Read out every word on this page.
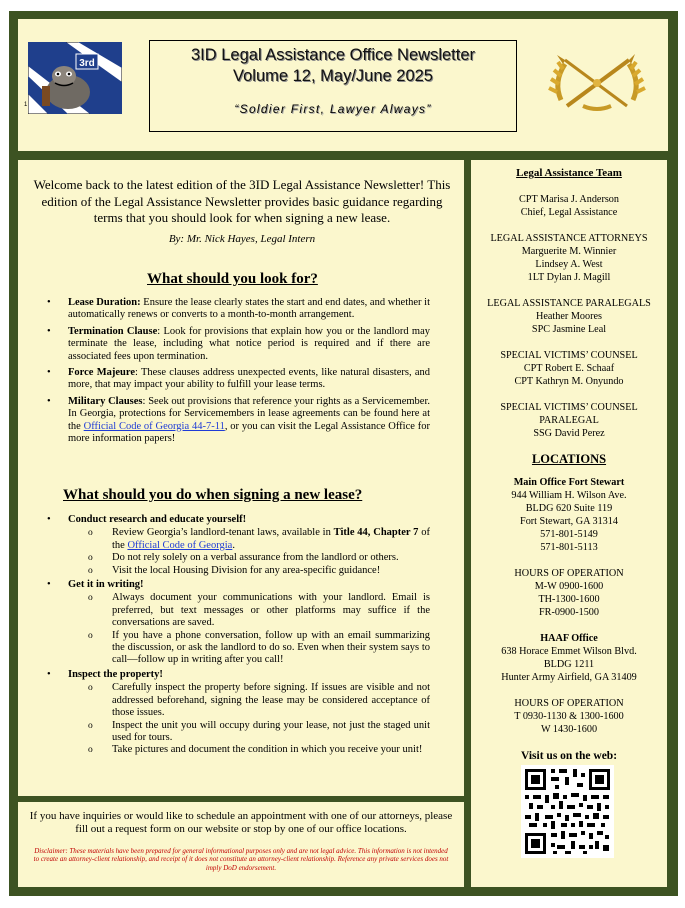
3rd
1
3ID Legal Assistance Office Newsletter
Volume 12, May/June 2025
“Soldier First, Lawyer Always”
Welcome back to the latest edition of the 3ID Legal Assistance Newsletter! This edition of the Legal Assistance Newsletter provides basic guidance regarding terms that you should look for when signing a new lease.
By: Mr. Nick Hayes, Legal Intern
What should you look for?
• Lease Duration: Ensure the lease clearly states the start and end dates, and whether it automatically renews or converts to a month-to-month arrangement.
• Termination Clause: Look for provisions that explain how you or the landlord may terminate the lease, including what notice period is required and if there are associated fees upon termination.
• Force Majeure: These clauses address unexpected events, like natural disasters, and more, that may impact your ability to fulfill your lease terms.
• Military Clauses: Seek out provisions that reference your rights as a Servicemember. In Georgia, protections for Servicemembers in lease agreements can be found here at the Official Code of Georgia 44-7-11, or you can visit the Legal Assistance Office for more information papers!
What should you do when signing a new lease?
• Conduct research and educate yourself!
o Review Georgia’s landlord-tenant laws, available in Title 44, Chapter 7 of the Official Code of Georgia.
o Do not rely solely on a verbal assurance from the landlord or others.
o Visit the local Housing Division for any area-specific guidance!
• Get it in writing!
o Always document your communications with your landlord. Email is preferred, but text messages or other platforms may suffice if the conversations are saved.
o If you have a phone conversation, follow up with an email summarizing the discussion, or ask the landlord to do so. Even when their system says to call—follow up in writing after you call!
• Inspect the property!
o Carefully inspect the property before signing. If issues are visible and not addressed beforehand, signing the lease may be considered acceptance of those issues.
o Inspect the unit you will occupy during your lease, not just the staged unit used for tours.
o Take pictures and document the condition in which you receive your unit!
If you have inquiries or would like to schedule an appointment with one of our attorneys, please fill out a request form on our website or stop by one of our office locations.
Disclaimer: These materials have been prepared for general informational purposes only and are not legal advice. This information is not intended to create an attorney-client relationship, and receipt of it does not constitute an attorney-client relationship. Reference any private services does not imply DoD endorsement.
Legal Assistance Team
CPT Marisa J. Anderson
Chief, Legal Assistance
LEGAL ASSISTANCE ATTORNEYS
Marguerite M. Winnier
Lindsey A. West
1LT Dylan J. Magill
LEGAL ASSISTANCE PARALEGALS
Heather Moores
SPC Jasmine Leal
SPECIAL VICTIMS’ COUNSEL
CPT Robert E. Schaaf
CPT Kathryn M. Onyundo
SPECIAL VICTIMS’ COUNSEL
PARALEGAL
SSG David Perez
LOCATIONS
Main Office Fort Stewart
944 William H. Wilson Ave.
BLDG 620 Suite 119
Fort Stewart, GA 31314
571-801-5149
571-801-5113
HOURS OF OPERATION
M-W 0900-1600
TH-1300-1600
FR-0900-1500
HAAF Office
638 Horace Emmet Wilson Blvd.
BLDG 1211
Hunter Army Airfield, GA 31409
HOURS OF OPERATION
T 0930-1130 & 1300-1600
W 1430-1600
Visit us on the web:
